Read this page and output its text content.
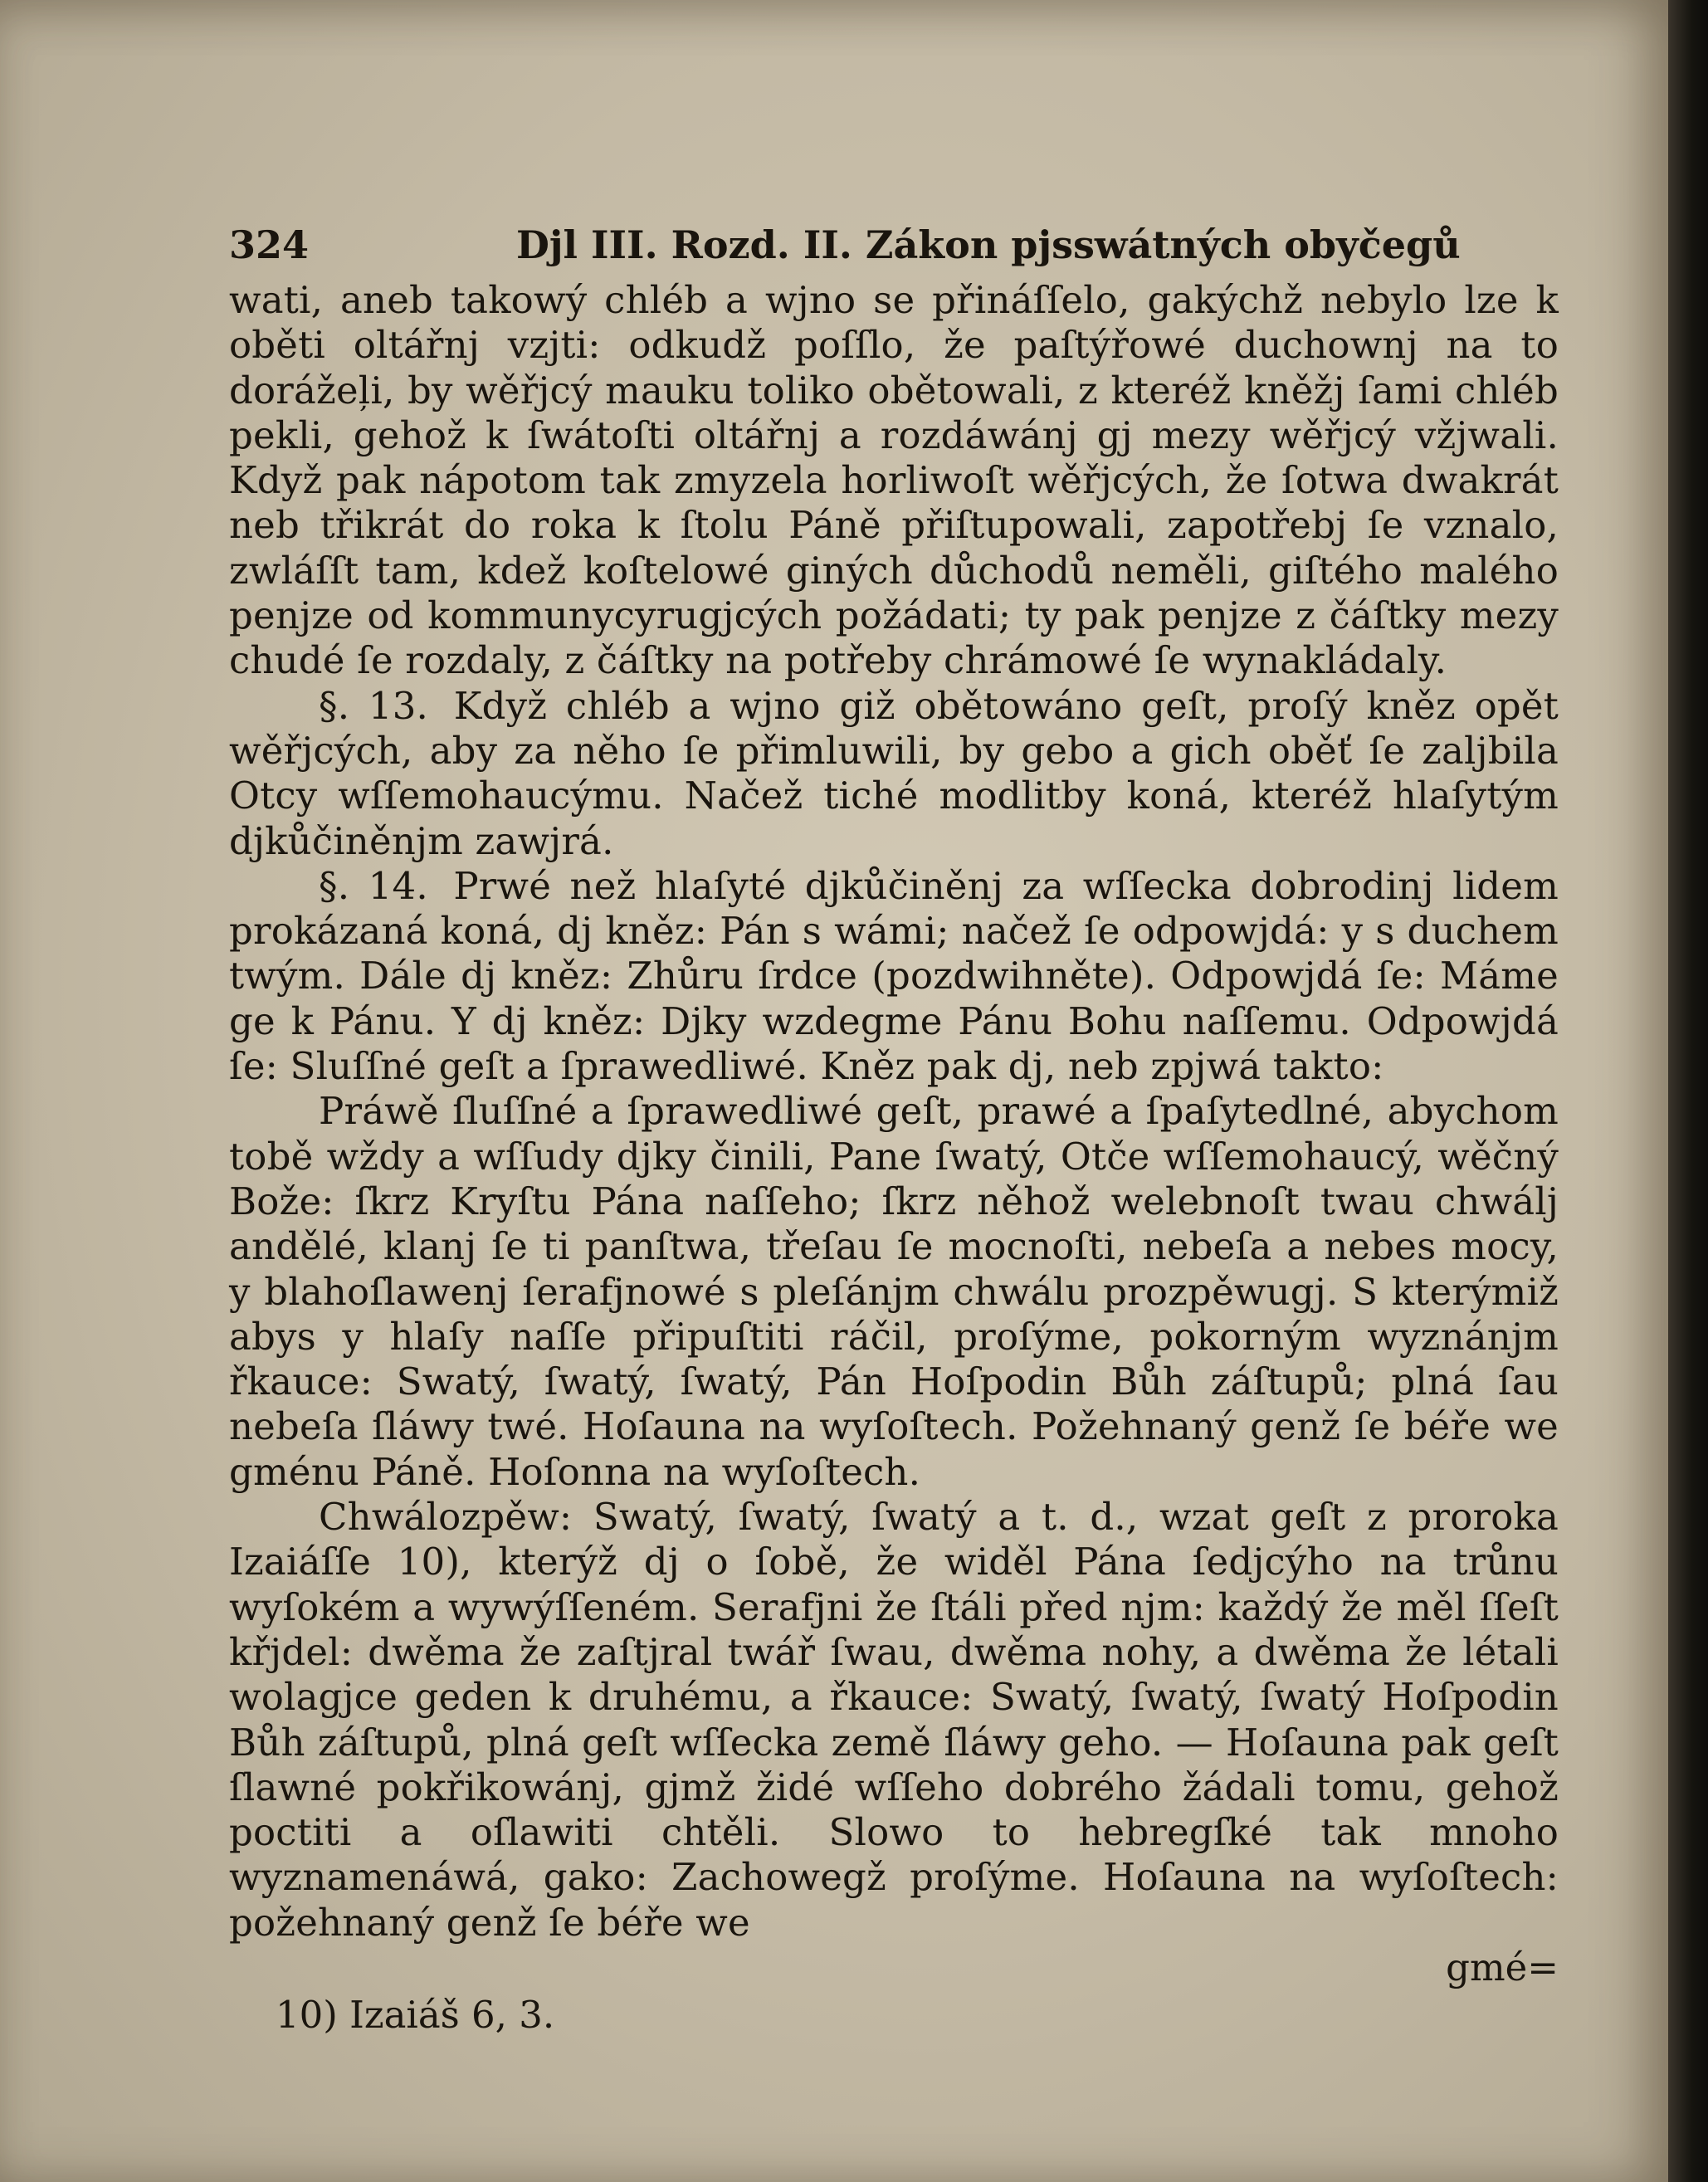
324	Djl III. Rozd. II. Zákon pjsswátných obyčegů

wati, aneb takowý chléb a wjno se přináſſelo, gakýchž nebylo lze k oběti oltářnj vzjti: odkudž poſſlo, že paſtýřowé duchownj na to dorážeļi, by wěřjcý mauku toliko obětowali, z kteréž kněžj ſami chléb pekli, gehož k ſwátoſti oltářnj a rozdáwánj gj mezy wěřjcý vžjwali. Když pak nápotom tak zmyzela horliwoſt wěřjcých, že ſotwa dwakrát neb třikrát do roka k ſtolu Páně přiſtupowali, zapotřebj ſe vznalo, zwláſſt tam, kdež koſtelowé giných důchodů neměli, giſtého malého penjze od kommunycyrugjcých požádati; ty pak penjze z čáſtky mezy chudé ſe rozdaly, z čáſtky na potřeby chrámowé ſe wynakládaly.

§. 13. Když chléb a wjno giž obětowáno geſt, proſý kněz opět wěřjcých, aby za něho ſe přimluwili, by gebo a gich oběť ſe zaljbila Otcy wſſemohaucýmu. Načež tiché modlitby koná, kteréž hlaſytým djkůčiněnjm zawjrá.

§. 14. Prwé než hlaſyté djkůčiněnj za wſſecka dobrodinj lidem prokázaná koná, dj kněz: Pán s wámi; načež ſe odpowjdá: y s duchem twým. Dále dj kněz: Zhůru ſrdce (pozdwihněte). Odpowjdá ſe: Máme ge k Pánu. Y dj kněz: Djky wzdegme Pánu Bohu naſſemu. Odpowjdá ſe: Sluſſné geſt a ſprawedliwé. Kněz pak dj, neb zpjwá takto:

Práwě ſluſſné a ſprawedliwé geſt, prawé a ſpaſytedlné, abychom tobě wždy a wſſudy djky činili, Pane ſwatý, Otče wſſemohaucý, wěčný Bože: ſkrz Kryſtu Pána naſſeho; ſkrz něhož welebnoſt twau chwálj andělé, klanj ſe ti panſtwa, třeſau ſe mocnoſti, nebeſa a nebes mocy, y blahoſlawenj ſerafjnowé s pleſánjm chwálu prozpěwugj. S kterýmiž abys y hlaſy naſſe připuſtiti ráčil, proſýme, pokorným wyznánjm řkauce: Swatý, ſwatý, ſwatý, Pán Hoſpodin Bůh záſtupů; plná ſau nebeſa ſláwy twé. Hoſauna na wyſoſtech. Požehnaný genž ſe béře we gménu Páně. Hoſonna na wyſoſtech.

Chwálozpěw: Swatý, ſwatý, ſwatý a t. d., wzat geſt z proroka Izaiáſſe 10), kterýž dj o ſobě, že widěl Pána ſedjcýho na trůnu wyſokém a wywýſſeném. Serafjni že ſtáli před njm: každý že měl ſſeſt křjdel: dwěma že zaſtjral twář ſwau, dwěma nohy, a dwěma že létali wolagjce geden k druhému, a řkauce: Swatý, ſwatý, ſwatý Hoſpodin Bůh záſtupů, plná geſt wſſecka země ſláwy geho. — Hoſauna pak geſt ſlawné pokřikowánj, gjmž židé wſſeho dobrého žádali tomu, gehož poctiti a oſlawiti chtěli. Slowo to hebregſké tak mnoho wyznamenáwá, gako: Zachowegž proſýme. Hoſauna na wyſoſtech: požehnaný genž ſe béře we

gmé=

10) Izaiáš 6, 3.
